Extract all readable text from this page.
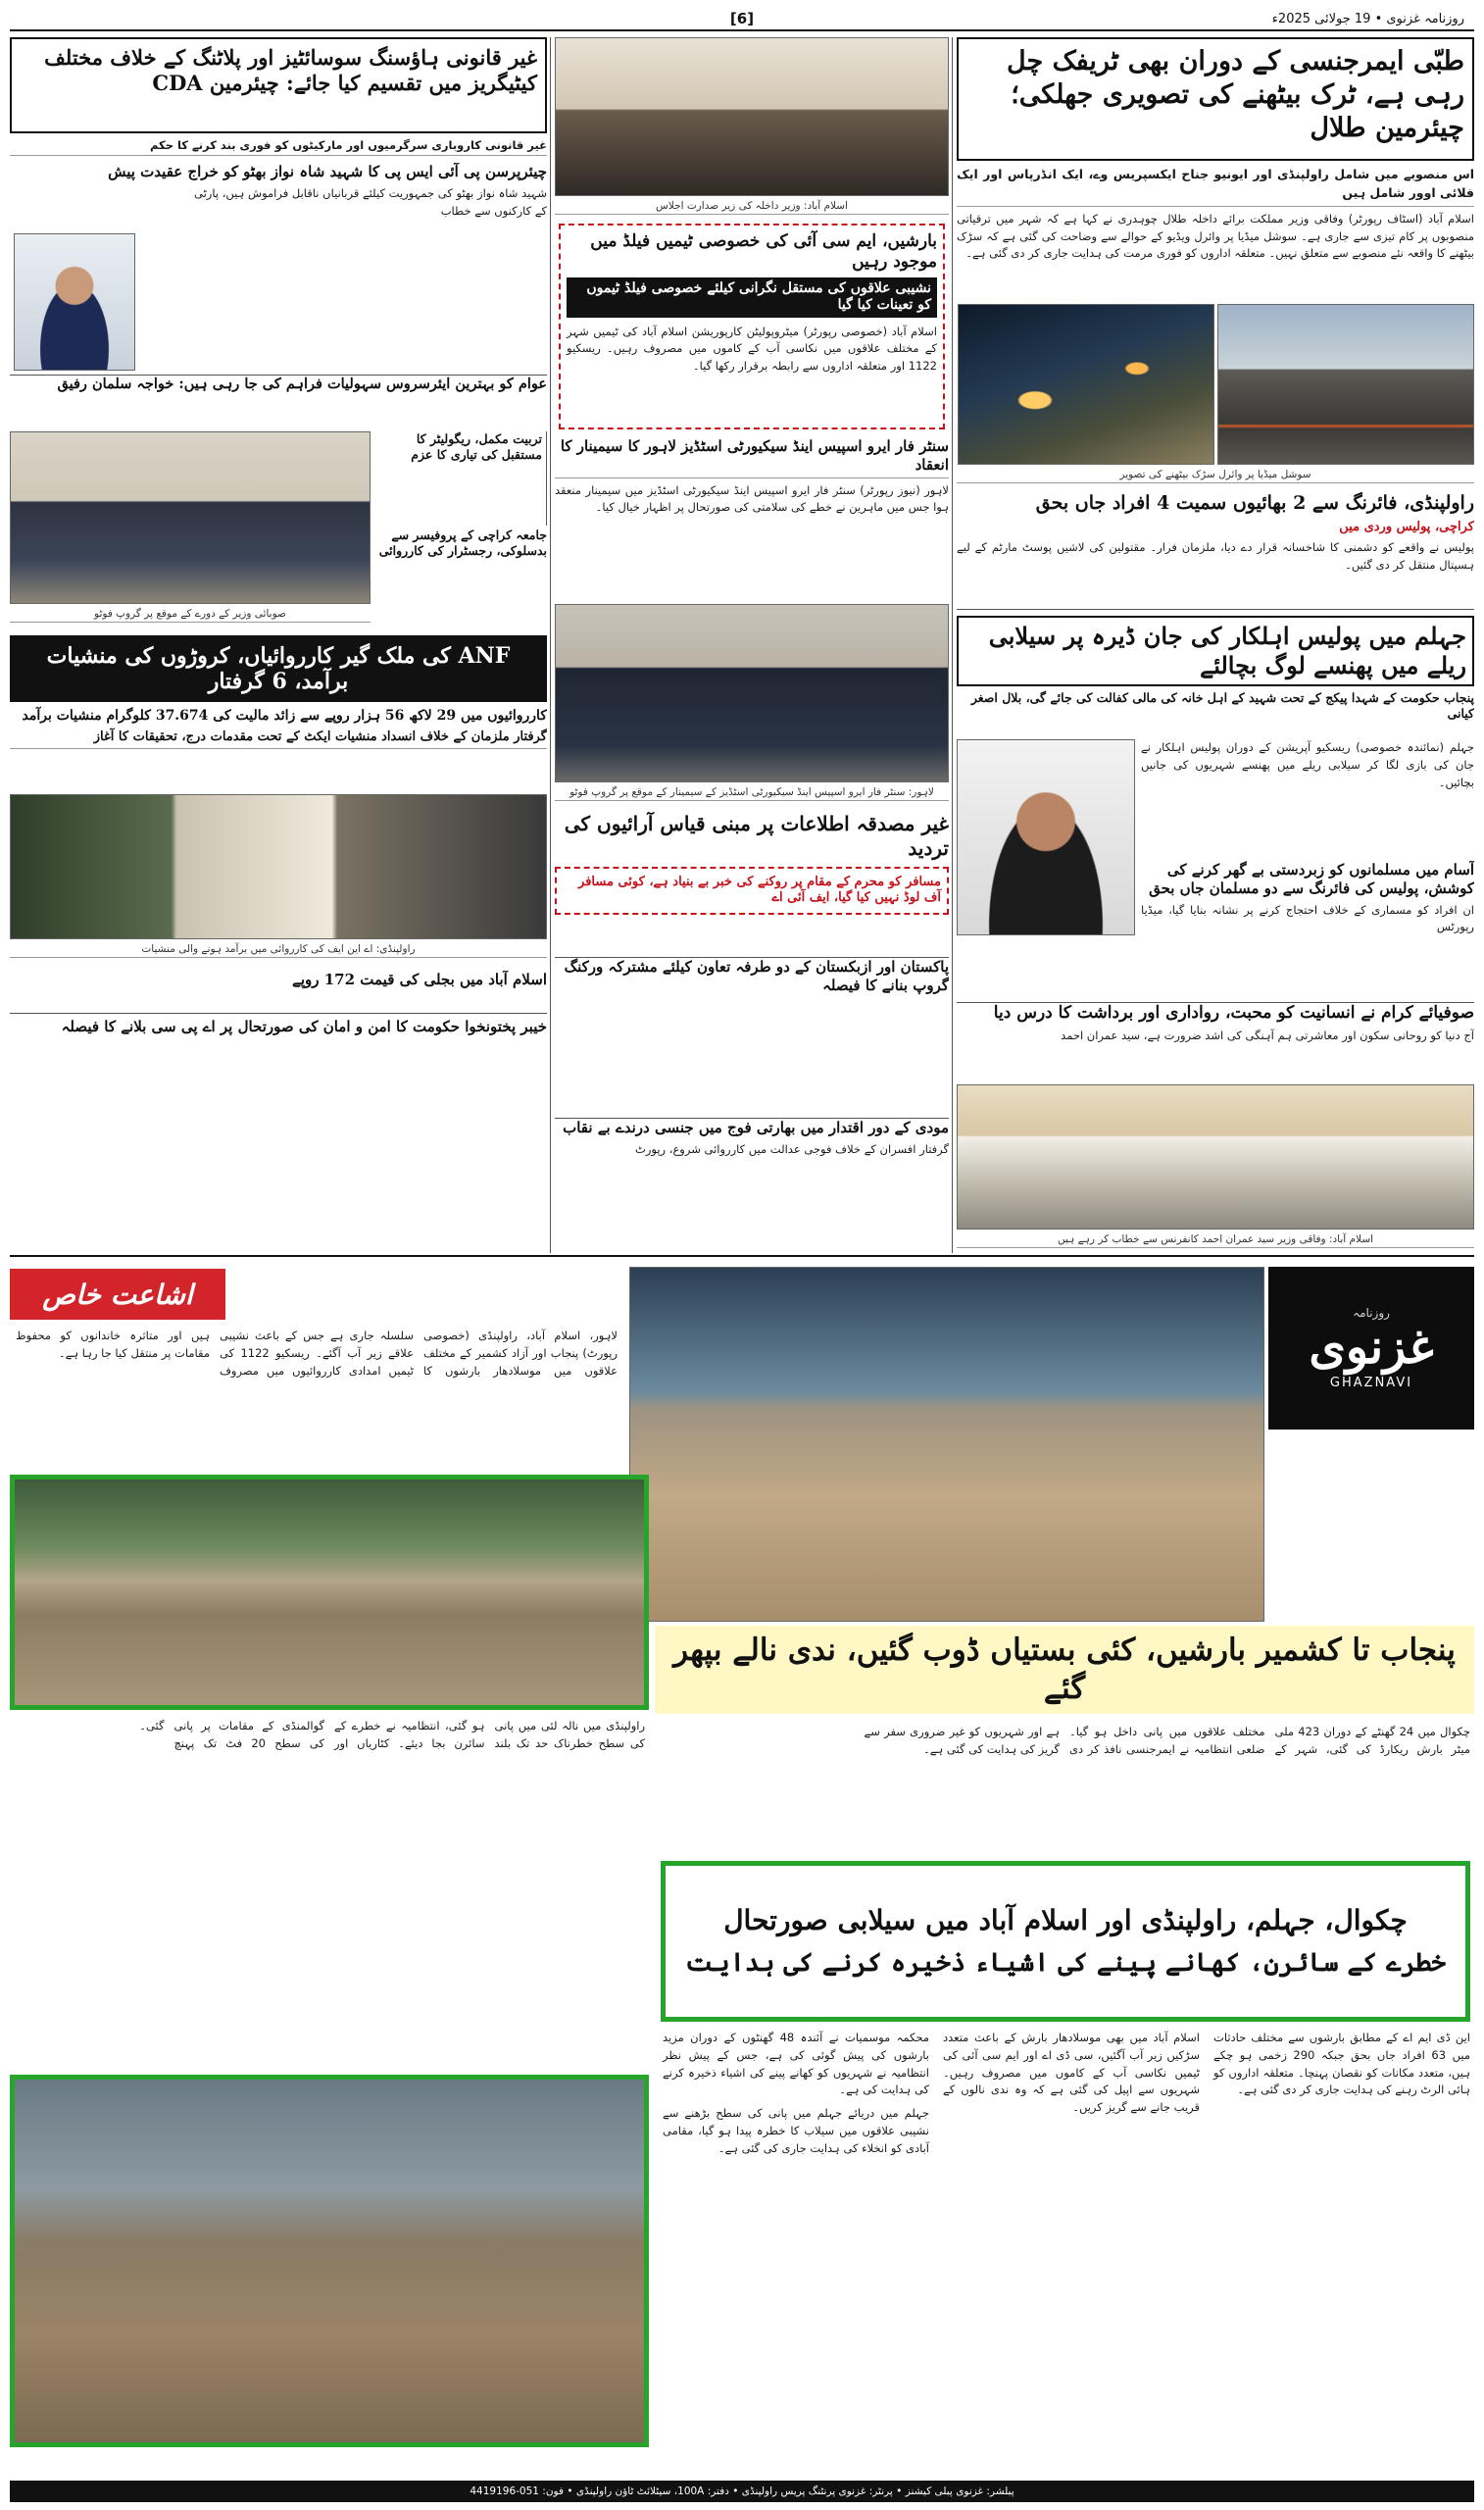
روزنامہ غزنوی • 19 جولائی 2025ء
[6]
طبّی ایمرجنسی کے دوران بھی ٹریفک چل رہی ہے، ٹرک بیٹھنے کی تصویری جھلکی؛ چیئرمین طلال
اس منصوبے میں شامل راولپنڈی اور ایونیو جناح ایکسپریس وے، ایک انڈرپاس اور ایک فلائی اوور شامل ہیں
اسلام آباد (اسٹاف رپورٹر) وفاقی وزیر مملکت برائے داخلہ طلال چوہدری نے کہا ہے کہ شہر میں ترقیاتی منصوبوں پر کام تیزی سے جاری ہے۔ سوشل میڈیا پر وائرل ویڈیو کے حوالے سے وضاحت کی گئی ہے کہ سڑک بیٹھنے کا واقعہ نئے منصوبے سے متعلق نہیں۔ متعلقہ اداروں کو فوری مرمت کی ہدایت جاری کر دی گئی ہے۔
سوشل میڈیا پر وائرل سڑک بیٹھنے کی تصویر
راولپنڈی، فائرنگ سے 2 بھائیوں سمیت 4 افراد جاں بحق
کراچی، پولیس وردی میں
پولیس نے واقعے کو دشمنی کا شاخسانہ قرار دے دیا، ملزمان فرار۔ مقتولین کی لاشیں پوسٹ مارٹم کے لیے ہسپتال منتقل کر دی گئیں۔
جہلم میں پولیس اہلکار کی جان ڈیرہ پر سیلابی ریلے میں پھنسے لوگ بچالئے
پنجاب حکومت کے شہدا پیکج کے تحت شہید کے اہل خانہ کی مالی کفالت کی جائے گی، بلال اصغر کیانی
جہلم (نمائندہ خصوصی) ریسکیو آپریشن کے دوران پولیس اہلکار نے جان کی بازی لگا کر سیلابی ریلے میں پھنسے شہریوں کی جانیں بچائیں۔
آسام میں مسلمانوں کو زبردستی بے گھر کرنے کی کوشش، پولیس کی فائرنگ سے دو مسلمان جاں بحق
ان افراد کو مسماری کے خلاف احتجاج کرنے پر نشانہ بنایا گیا، میڈیا رپورٹس
صوفیائے کرام نے انسانیت کو محبت، رواداری اور برداشت کا درس دیا
آج دنیا کو روحانی سکون اور معاشرتی ہم آہنگی کی اشد ضرورت ہے، سید عمران احمد
اسلام آباد: وفاقی وزیر سید عمران احمد کانفرنس سے خطاب کر رہے ہیں
اسلام آباد: وزیر داخلہ کی زیر صدارت اجلاس
بارشیں، ایم سی آئی کی خصوصی ٹیمیں فیلڈ میں موجود رہیں
نشیبی علاقوں کی مستقل نگرانی کیلئے خصوصی فیلڈ ٹیموں کو تعینات کیا گیا
اسلام آباد (خصوصی رپورٹر) میٹروپولیٹن کارپوریشن اسلام آباد کی ٹیمیں شہر کے مختلف علاقوں میں نکاسی آب کے کاموں میں مصروف رہیں۔ ریسکیو 1122 اور متعلقہ اداروں سے رابطہ برقرار رکھا گیا۔
سنٹر فار ایرو اسپیس اینڈ سیکیورٹی اسٹڈیز لاہور کا سیمینار کا انعقاد
لاہور (نیوز رپورٹر) سنٹر فار ایرو اسپیس اینڈ سیکیورٹی اسٹڈیز میں سیمینار منعقد ہوا جس میں ماہرین نے خطے کی سلامتی کی صورتحال پر اظہار خیال کیا۔
لاہور: سنٹر فار ایرو اسپیس اینڈ سیکیورٹی اسٹڈیز کے سیمینار کے موقع پر گروپ فوٹو
غیر مصدقہ اطلاعات پر مبنی قیاس آرائیوں کی تردید
مسافر کو محرم کے مقام پر روکنے کی خبر بے بنیاد ہے، کوئی مسافر آف لوڈ نہیں کیا گیا، ایف آئی اے
پاکستان اور ازبکستان کے دو طرفہ تعاون کیلئے مشترکہ ورکنگ گروپ بنانے کا فیصلہ
مودی کے دور اقتدار میں بھارتی فوج میں جنسی درندے بے نقاب
گرفتار افسران کے خلاف فوجی عدالت میں کارروائی شروع، رپورٹ
غیر قانونی ہاؤسنگ سوسائٹیز اور پلاٹنگ کے خلاف مختلف کیٹیگریز میں تقسیم کیا جائے: چیئرمین CDA
غیر قانونی کاروباری سرگرمیوں اور مارکیٹوں کو فوری بند کرنے کا حکم
چیئرپرسن پی آئی ایس پی کا شہید شاہ نواز بھٹو کو خراج عقیدت پیش
شہید شاہ نواز بھٹو کی جمہوریت کیلئے قربانیاں ناقابل فراموش ہیں، پارٹی کے کارکنوں سے خطاب
عوام کو بہترین ایئرسروس سہولیات فراہم کی جا رہی ہیں: خواجہ سلمان رفیق
صوبائی وزیر کے دورے کے موقع پر گروپ فوٹو
تربیت مکمل، ریگولیٹر کا مستقبل کی تیاری کا عزم
جامعہ کراچی کے پروفیسر سے بدسلوکی، رجسٹرار کی کارروائی
ANF کی ملک گیر کارروائیاں، کروڑوں کی منشیات برآمد، 6 گرفتار
کارروائیوں میں 29 لاکھ 56 ہزار روپے سے زائد مالیت کی 37.674 کلوگرام منشیات برآمد
گرفتار ملزمان کے خلاف انسداد منشیات ایکٹ کے تحت مقدمات درج، تحقیقات کا آغاز
راولپنڈی: اے این ایف کی کارروائی میں برآمد ہونے والی منشیات
اسلام آباد میں بجلی کی قیمت 172 روپے
خیبر پختونخوا حکومت کا امن و امان کی صورتحال پر اے پی سی بلانے کا فیصلہ
روزنامہ
غزنوی
GHAZNAVI
اشاعت خاص
لاہور، اسلام آباد، راولپنڈی (خصوصی رپورٹ) پنجاب اور آزاد کشمیر کے مختلف علاقوں میں موسلادھار بارشوں کا سلسلہ جاری ہے جس کے باعث نشیبی علاقے زیر آب آگئے۔ ریسکیو 1122 کی ٹیمیں امدادی کارروائیوں میں مصروف ہیں اور متاثرہ خاندانوں کو محفوظ مقامات پر منتقل کیا جا رہا ہے۔
پنجاب تا کشمیر بارشیں، کئی بستیاں ڈوب گئیں، ندی نالے بپھر گئے
چکوال میں 24 گھنٹے کے دوران 423 ملی میٹر بارش ریکارڈ کی گئی، شہر کے مختلف علاقوں میں پانی داخل ہو گیا۔ ضلعی انتظامیہ نے ایمرجنسی نافذ کر دی ہے اور شہریوں کو غیر ضروری سفر سے گریز کی ہدایت کی گئی ہے۔
چکوال، جہلم، راولپنڈی اور اسلام آباد میں سیلابی صورتحال
خطرے کے سائرن، کھانے پینے کی اشیاء ذخیرہ کرنے کی ہدایت
راولپنڈی میں نالہ لئی میں پانی کی سطح خطرناک حد تک بلند ہو گئی، انتظامیہ نے خطرے کے سائرن بجا دیئے۔ کٹاریاں اور گوالمنڈی کے مقامات پر پانی کی سطح 20 فٹ تک پہنچ گئی۔
این ڈی ایم اے کے مطابق بارشوں سے مختلف حادثات میں 63 افراد جاں بحق جبکہ 290 زخمی ہو چکے ہیں، متعدد مکانات کو نقصان پہنچا۔ متعلقہ اداروں کو ہائی الرٹ رہنے کی ہدایت جاری کر دی گئی ہے۔
اسلام آباد میں بھی موسلادھار بارش کے باعث متعدد سڑکیں زیر آب آگئیں، سی ڈی اے اور ایم سی آئی کی ٹیمیں نکاسی آب کے کاموں میں مصروف رہیں۔ شہریوں سے اپیل کی گئی ہے کہ وہ ندی نالوں کے قریب جانے سے گریز کریں۔
محکمہ موسمیات نے آئندہ 48 گھنٹوں کے دوران مزید بارشوں کی پیش گوئی کی ہے، جس کے پیش نظر انتظامیہ نے شہریوں کو کھانے پینے کی اشیاء ذخیرہ کرنے کی ہدایت کی ہے۔
جہلم میں دریائے جہلم میں پانی کی سطح بڑھنے سے نشیبی علاقوں میں سیلاب کا خطرہ پیدا ہو گیا، مقامی آبادی کو انخلاء کی ہدایت جاری کی گئی ہے۔
پبلشر: غزنوی پبلی کیشنز • پرنٹر: غزنوی پرنٹنگ پریس راولپنڈی • دفتر: 100A، سیٹلائٹ ٹاؤن راولپنڈی • فون: 051-4419196
